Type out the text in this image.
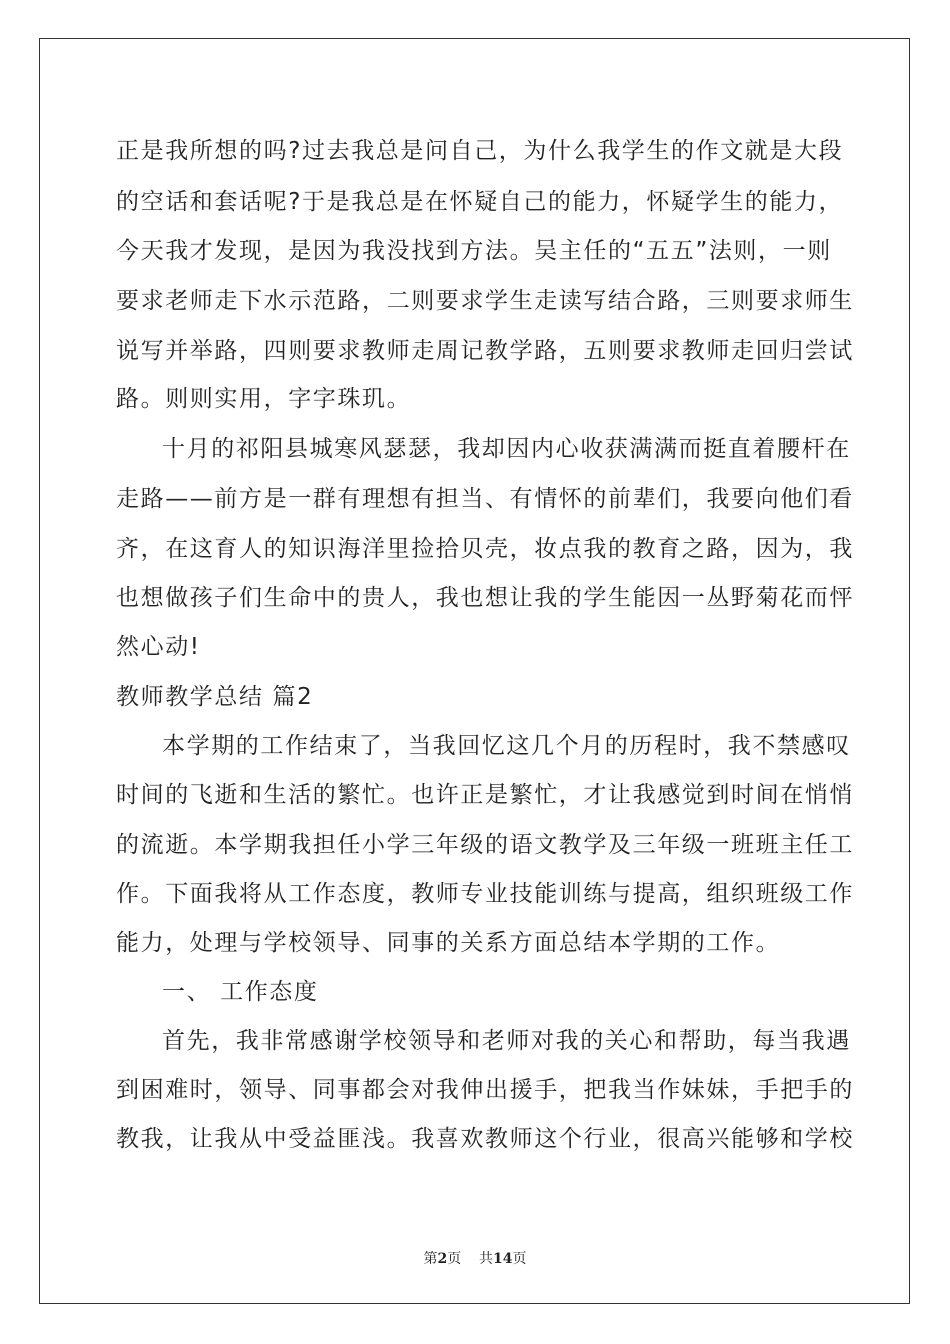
正是我所想的吗?过去我总是问自己，为什么我学生的作文就是大段

的空话和套话呢?于是我总是在怀疑自己的能力，怀疑学生的能力，

今天我才发现，是因为我没找到方法。吴主任的“五五”法则，一则

要求老师走下水示范路，二则要求学生走读写结合路，三则要求师生

说写并举路，四则要求教师走周记教学路，五则要求教师走回归尝试

路。则则实用，字字珠玑。

十月的祁阳县城寒风瑟瑟，我却因内心收获满满而挺直着腰杆在

走路——前方是一群有理想有担当、有情怀的前辈们，我要向他们看

齐，在这育人的知识海洋里捡拾贝壳，妆点我的教育之路，因为，我

也想做孩子们生命中的贵人，我也想让我的学生能因一丛野菊花而怦

然心动!

教师教学总结 篇2

本学期的工作结束了，当我回忆这几个月的历程时，我不禁感叹

时间的飞逝和生活的繁忙。也许正是繁忙，才让我感觉到时间在悄悄

的流逝。本学期我担任小学三年级的语文教学及三年级一班班主任工

作。下面我将从工作态度，教师专业技能训练与提高，组织班级工作

能力，处理与学校领导、同事的关系方面总结本学期的工作。

一、 工作态度

首先，我非常感谢学校领导和老师对我的关心和帮助，每当我遇

到困难时，领导、同事都会对我伸出援手，把我当作妹妹，手把手的

教我，让我从中受益匪浅。我喜欢教师这个行业，很高兴能够和学校

第2页    共14页
